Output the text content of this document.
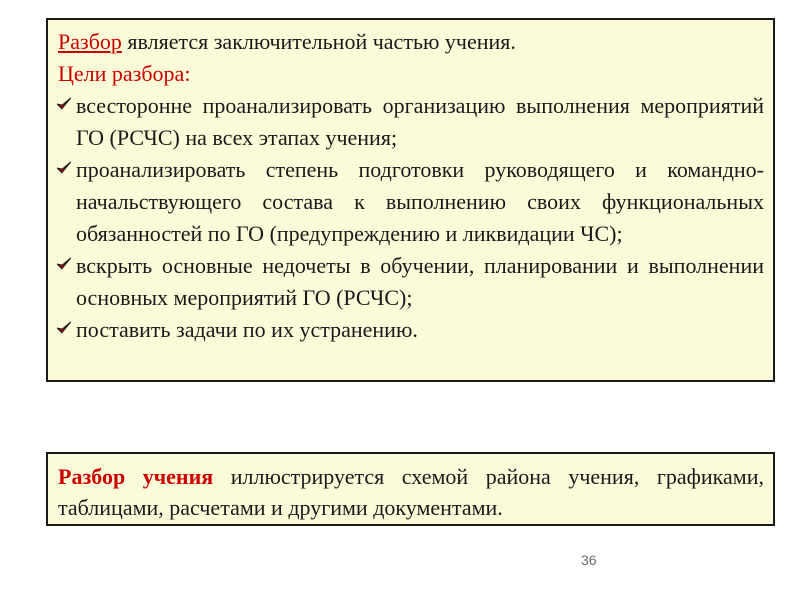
Разбор является заключительной частью учения.
Цели разбора:
всесторонне проанализировать организацию выполнения мероприятий ГО (РСЧС) на всех этапах учения;
проанализировать степень подготовки руководящего и командно-начальствующего состава к выполнению своих функциональных обязанностей по ГО (предупреждению и ликвидации ЧС);
вскрыть основные недочеты в обучении, планировании и выполнении основных мероприятий ГО (РСЧС);
поставить задачи по их устранению.
Разбор учения иллюстрируется схемой района учения, графиками, таблицами, расчетами и другими документами.
36
